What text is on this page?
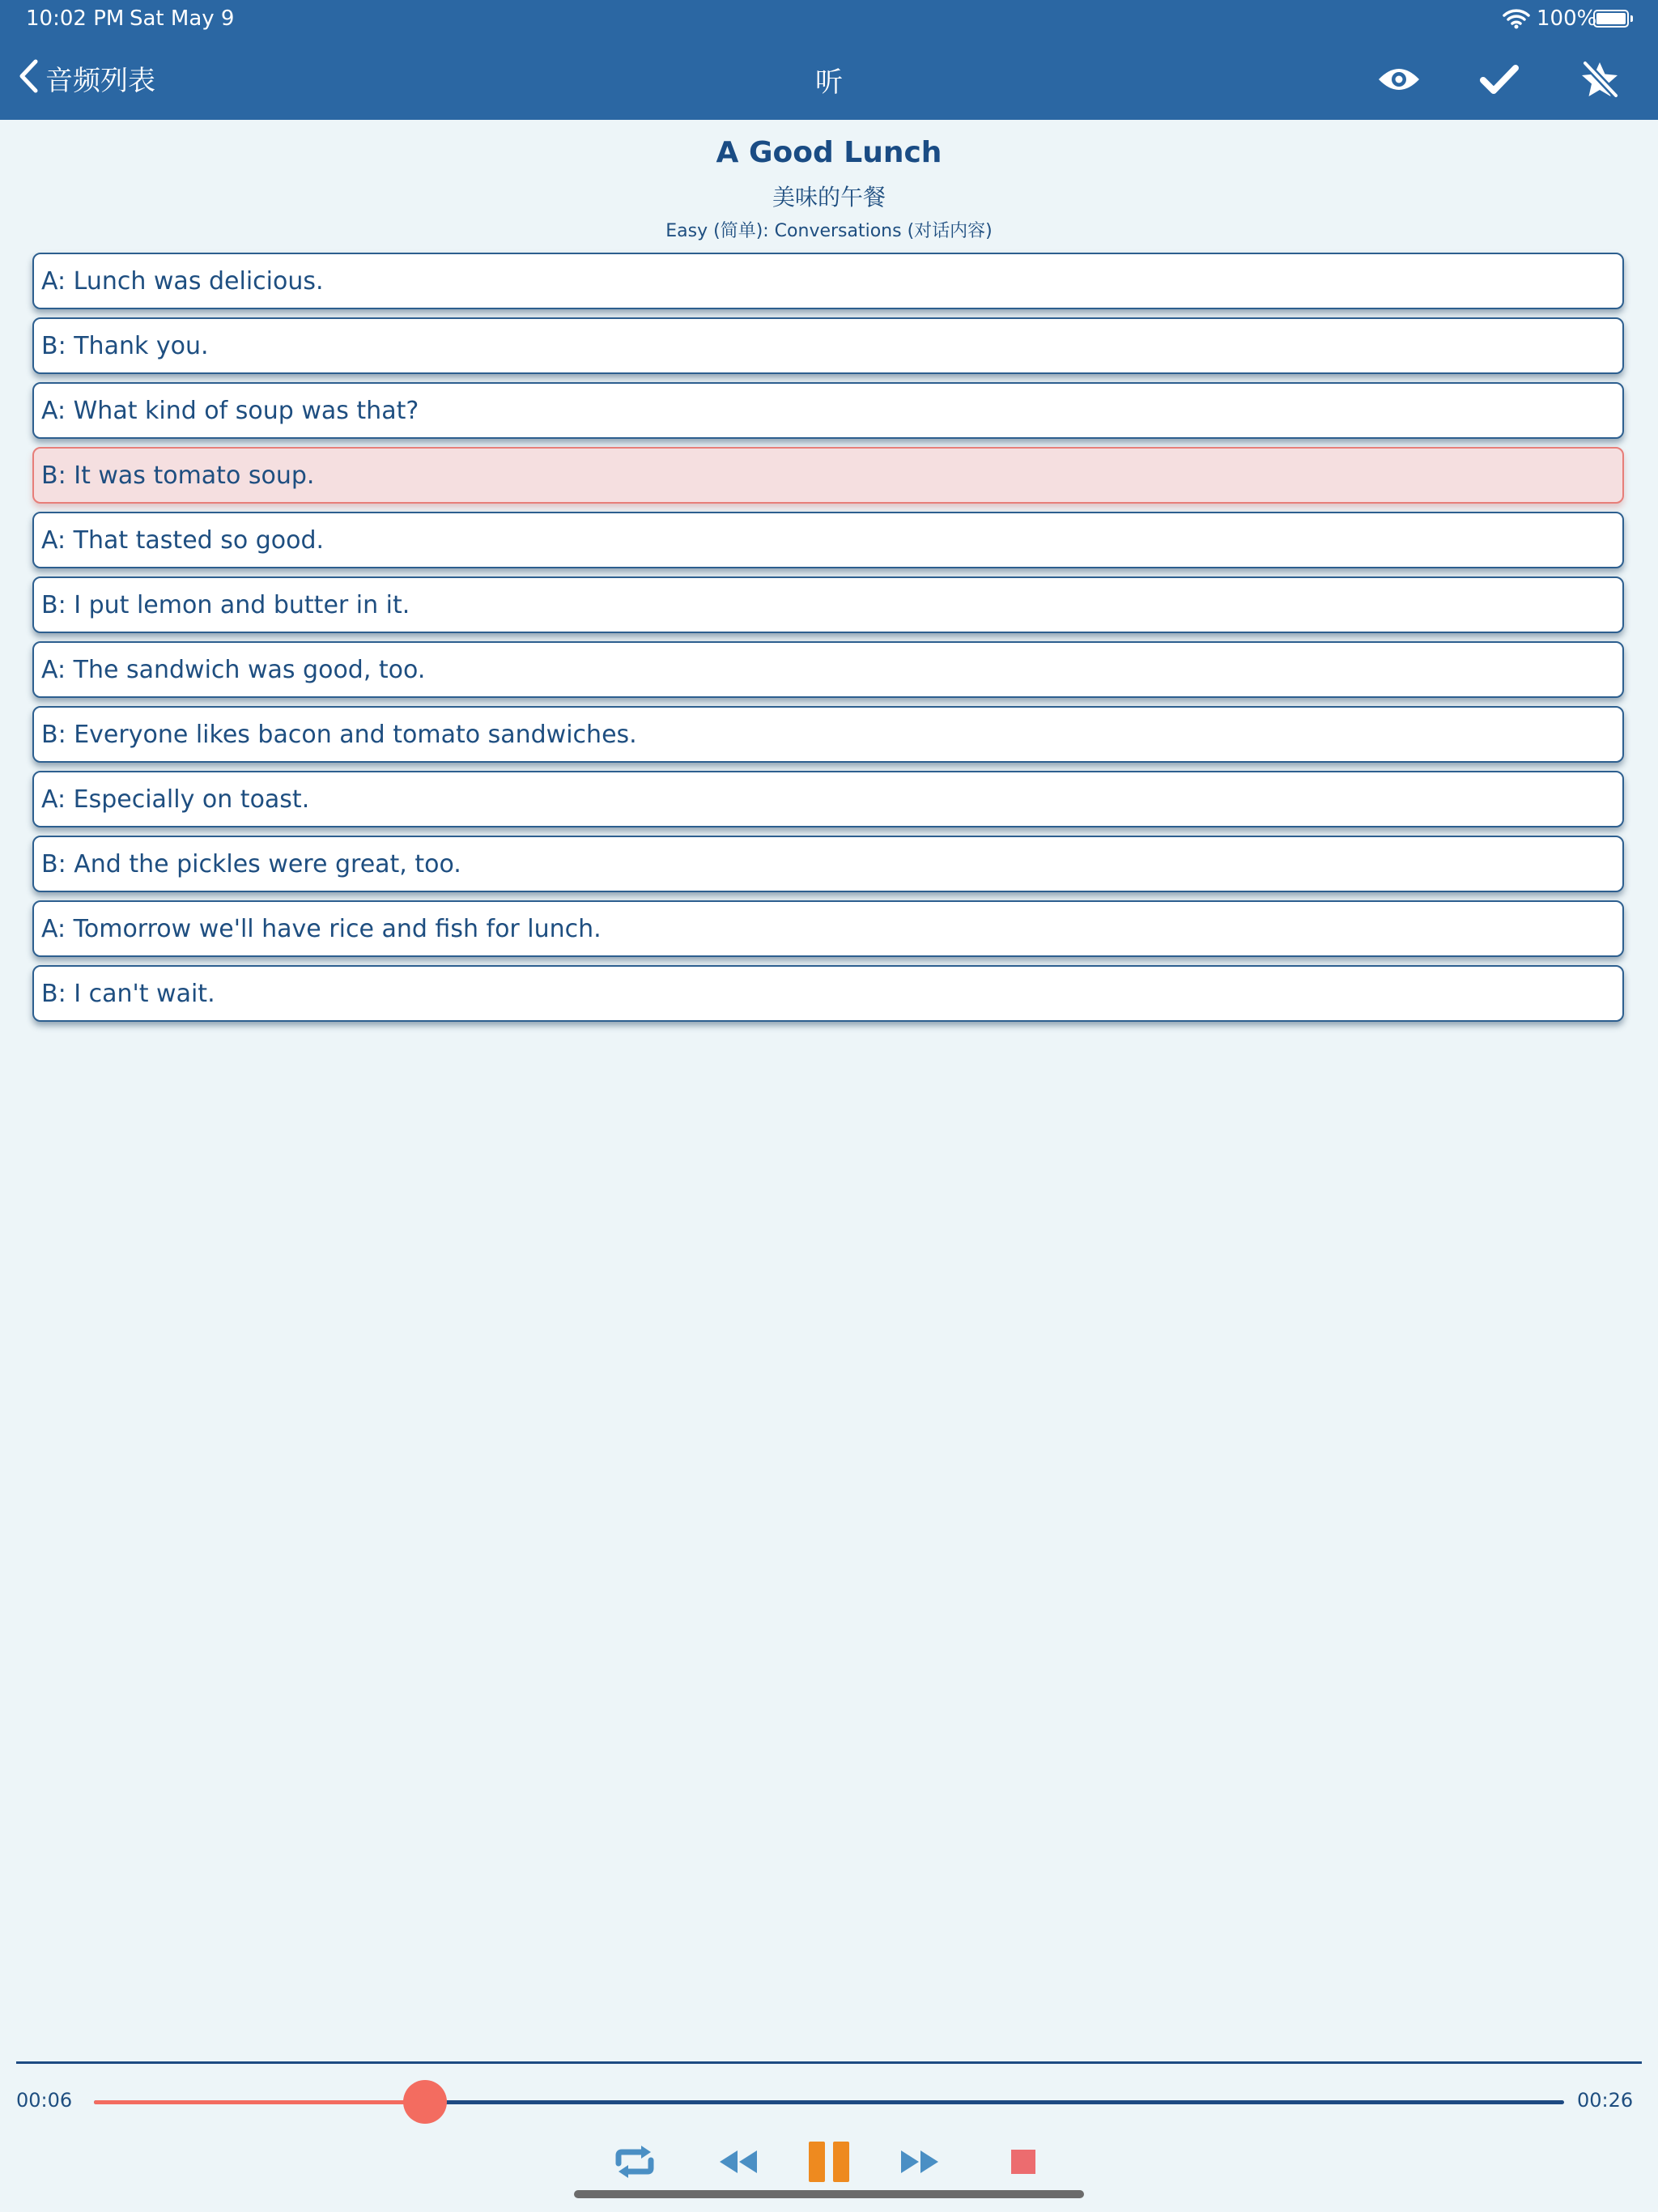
10:02 PM Sat May 9	100%
音频列表	听
A Good Lunch
美味的午餐
Easy (简单): Conversations (对话内容)
A: Lunch was delicious.
B: Thank you.
A: What kind of soup was that?
B: It was tomato soup.
A: That tasted so good.
B: I put lemon and butter in it.
A: The sandwich was good, too.
B: Everyone likes bacon and tomato sandwiches.
A: Especially on toast.
B: And the pickles were great, too.
A: Tomorrow we'll have rice and fish for lunch.
B: I can't wait.
00:06	00:26
